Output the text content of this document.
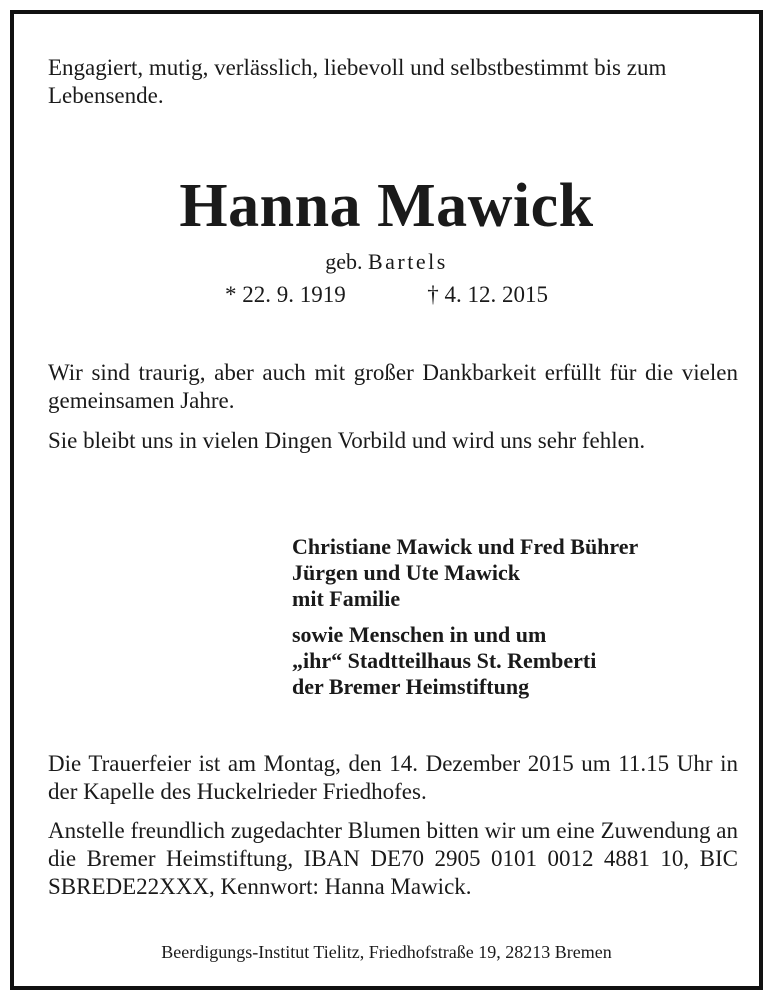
Engagiert, mutig, verlässlich, liebevoll und selbstbestimmt bis zum Lebensende.
Hanna Mawick
geb. Bartels
* 22. 9. 1919	† 4. 12. 2015
Wir sind traurig, aber auch mit großer Dankbarkeit erfüllt für die vielen gemeinsamen Jahre.
Sie bleibt uns in vielen Dingen Vorbild und wird uns sehr fehlen.
Christiane Mawick und Fred Bührer
Jürgen und Ute Mawick
mit Familie
sowie Menschen in und um
„ihr“ Stadtteilhaus St. Remberti
der Bremer Heimstiftung
Die Trauerfeier ist am Montag, den 14. Dezember 2015 um 11.15 Uhr in der Kapelle des Huckelrieder Friedhofes.
Anstelle freundlich zugedachter Blumen bitten wir um eine Zuwendung an die Bremer Heimstiftung, IBAN DE70 2905 0101 0012 4881 10, BIC SBREDE22XXX, Kennwort: Hanna Mawick.
Beerdigungs-Institut Tielitz, Friedhofstraße 19, 28213 Bremen
